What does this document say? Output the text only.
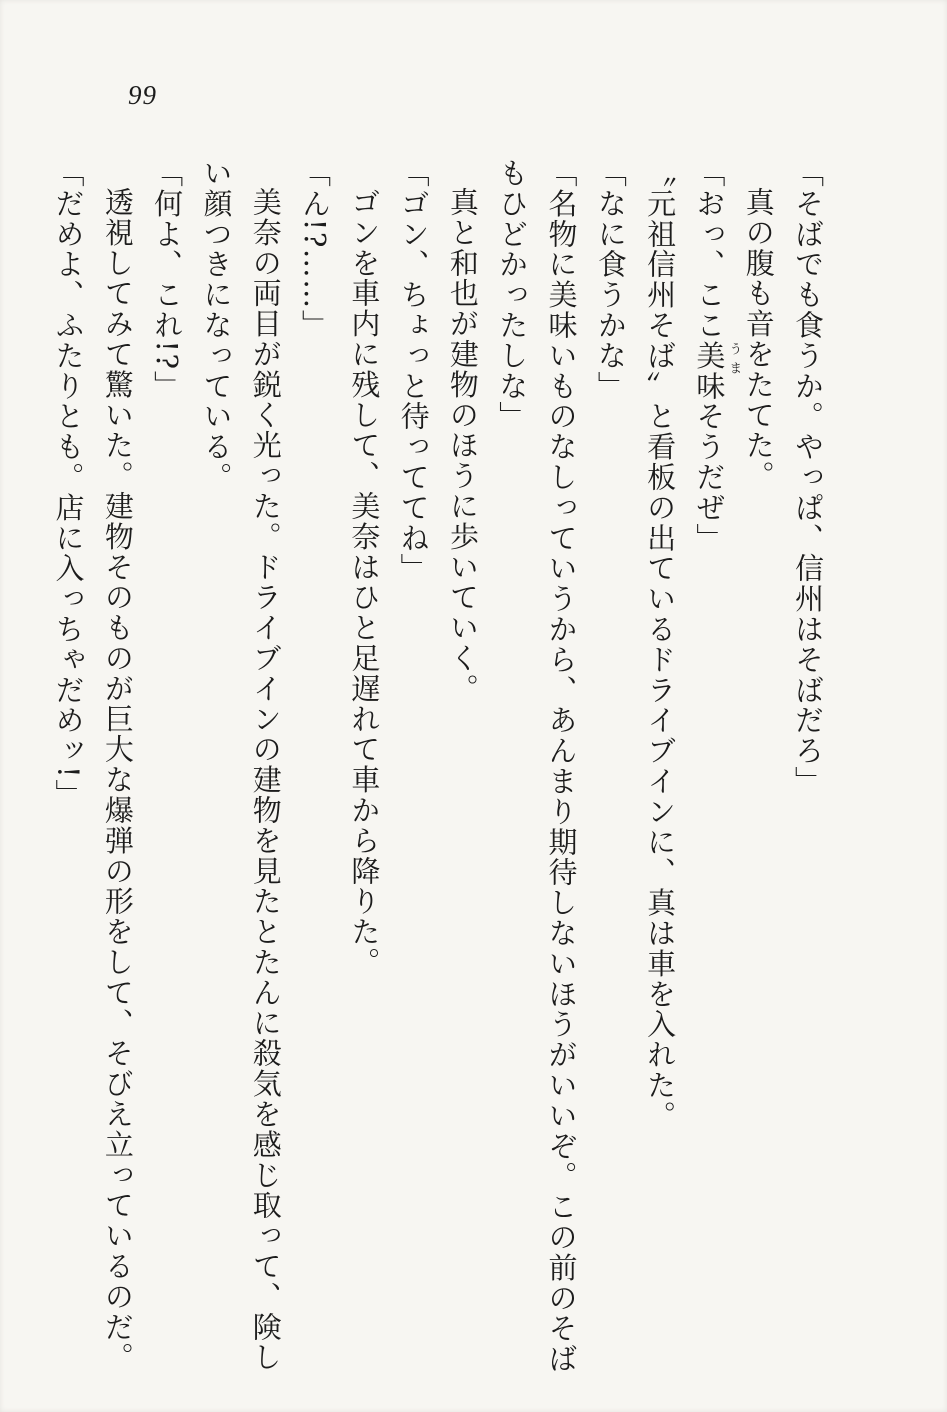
99
「そばでも食うか。やっぱ、信州はそばだろ」
真の腹も音をたてた。
「おっ、ここ美味そうだぜ」
〝元祖信州そば〟と看板の出ているドライブインに、真は車を入れた。
「なに食うかな」
「名物に美味いものなしっていうから、あんまり期待しないほうがいいぞ。この前のそば
もひどかったしな」
真と和也が建物のほうに歩いていく。
「ゴン、ちょっと待っててね」
ゴンを車内に残して、美奈はひと足遅れて車から降りた。
「ん!?……」
美奈の両目が鋭く光った。ドライブインの建物を見たとたんに殺気を感じ取って、険し
い顔つきになっている。
「何よ、これ!?」
透視してみて驚いた。建物そのものが巨大な爆弾の形をして、そびえ立っているのだ。
「だめよ、ふたりとも。店に入っちゃだめッ!」	うま
